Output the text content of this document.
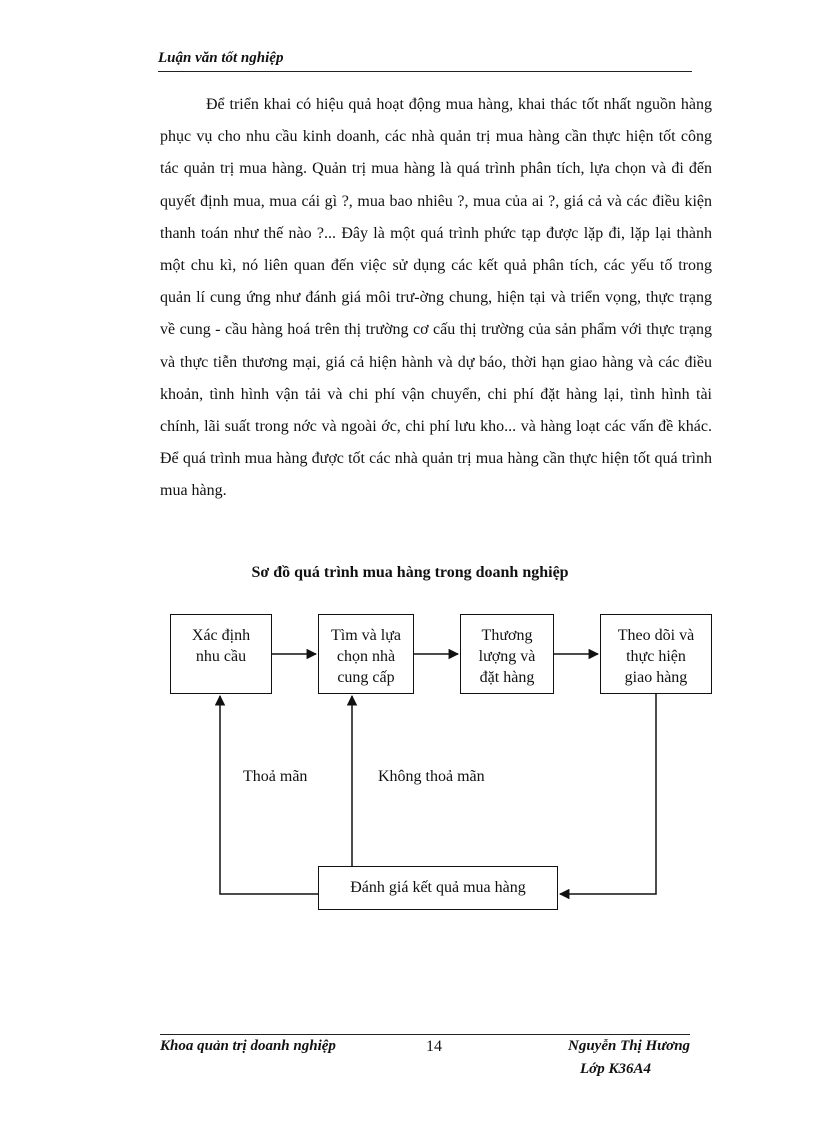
Luận văn tốt nghiệp

Để triển khai có hiệu quả hoạt động mua hàng, khai thác tốt nhất nguồn hàng phục vụ cho nhu cầu kinh doanh, các nhà quản trị mua hàng cần thực hiện tốt công tác quản trị mua hàng. Quản trị mua hàng là quá trình phân tích, lựa chọn và đi đến quyết định mua, mua cái gì ?, mua bao nhiêu ?, mua của ai ?, giá cả và các điều kiện thanh toán như thế nào ?... Đây là một quá trình phức tạp được lặp đi, lặp lại thành một chu kì, nó liên quan đến việc sử dụng các kết quả phân tích, các yếu tố trong quản lí cung ứng như đánh giá môi trư-ờng chung, hiện tại và triển vọng, thực trạng về cung - cầu hàng hoá trên thị trường cơ cấu thị trường của sản phẩm với thực trạng và thực tiễn thương mại, giá cả hiện hành và dự báo, thời hạn giao hàng và các điều khoản, tình hình vận tải và chi phí vận chuyển, chi phí đặt hàng lại, tình hình tài chính, lãi suất trong nớc và ngoài ớc, chi phí lưu kho... và hàng loạt các vấn đề khác. Để quá trình mua hàng được tốt các nhà quản trị mua hàng cần thực hiện tốt quá trình mua hàng.

Sơ đồ quá trình mua hàng trong doanh nghiệp
Xác định
nhu cầu
Tìm và lựa
chọn nhà
cung cấp
Thương
lượng và
đặt hàng
Theo dõi và
thực hiện
giao hàng
Đánh giá kết quả mua hàng
Thoả mãn	Không thoả mãn
Khoa quản trị doanh nghiệp	14	Nguyễn Thị Hương
Lớp K36A4
